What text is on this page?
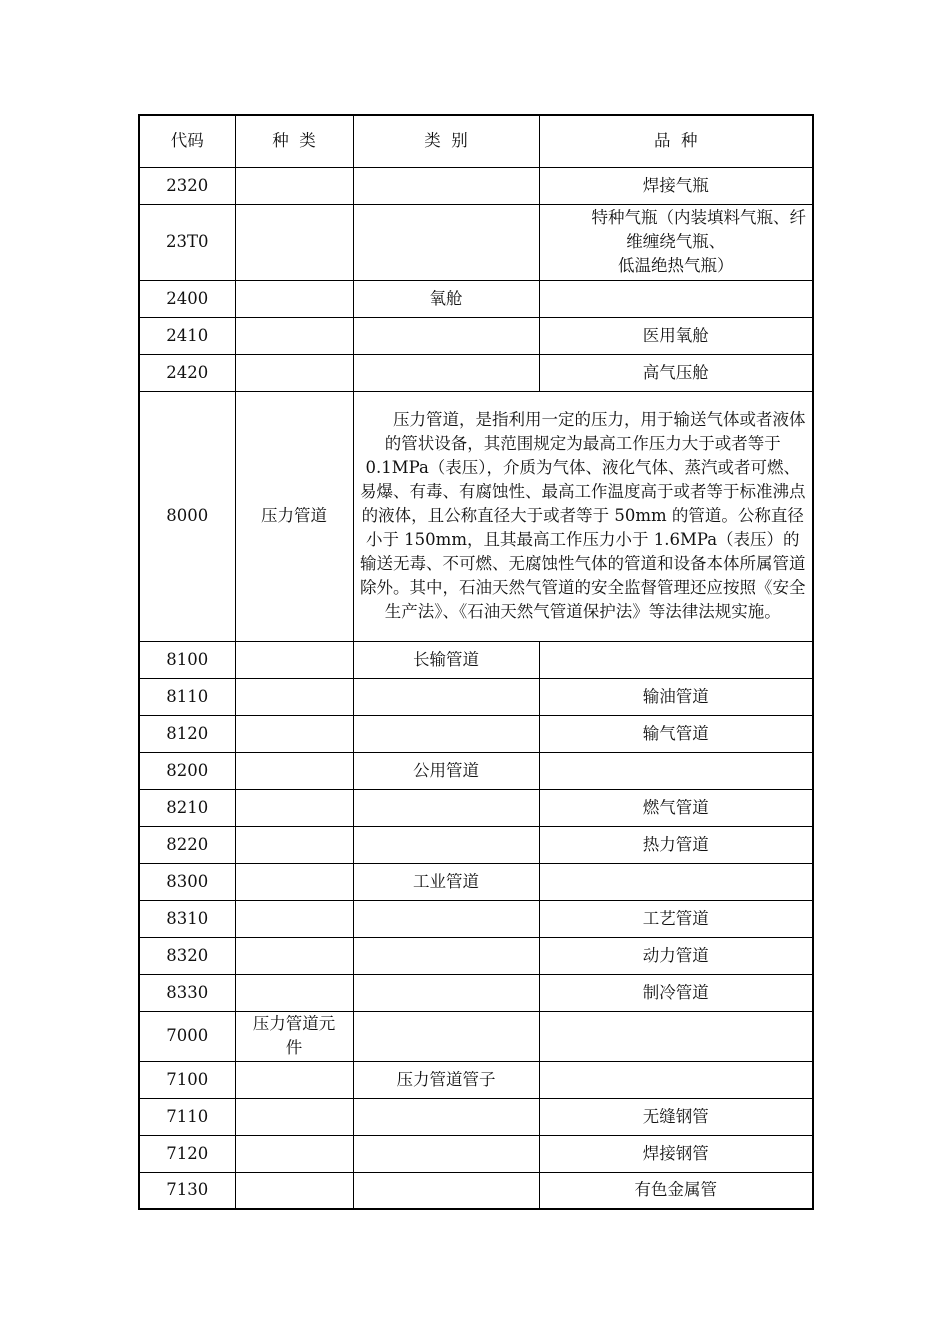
代码	种  类	类  别	品  种
2320			焊接气瓶
23T0			特种气瓶（内装填料气瓶、纤
维缠绕气瓶、
低温绝热气瓶）

2400		氧舱	
2410			医用氧舱
2420			高气压舱
8000	压力管道	压力管道，是指利用一定的压力，用于输送气体或者液体的管状设备，其范围规定为最高工作压力大于或者等于 0.1MPa（表压），介质为气体、液化气体、蒸汽或者可燃、易爆、有毒、有腐蚀性、最高工作温度高于或者等于标准沸点的液体，且公称直径大于或者等于 50mm 的管道。公称直径小于 150mm，且其最高工作压力小于 1.6MPa（表压）的输送无毒、不可燃、无腐蚀性气体的管道和设备本体所属管道除外。其中，石油天然气管道的安全监督管理还应按照《安全生产法》、《石油天然气管道保护法》等法律法规实施。	

8100		长输管道	
8110			输油管道
8120			输气管道
8200		公用管道	
8210			燃气管道
8220			热力管道
8300		工业管道	
8310			工艺管道
8320			动力管道
8330			制冷管道
7000	压力管道元
件		

7100		压力管道管子	
7110			无缝钢管
7120			焊接钢管
7130			有色金属管
